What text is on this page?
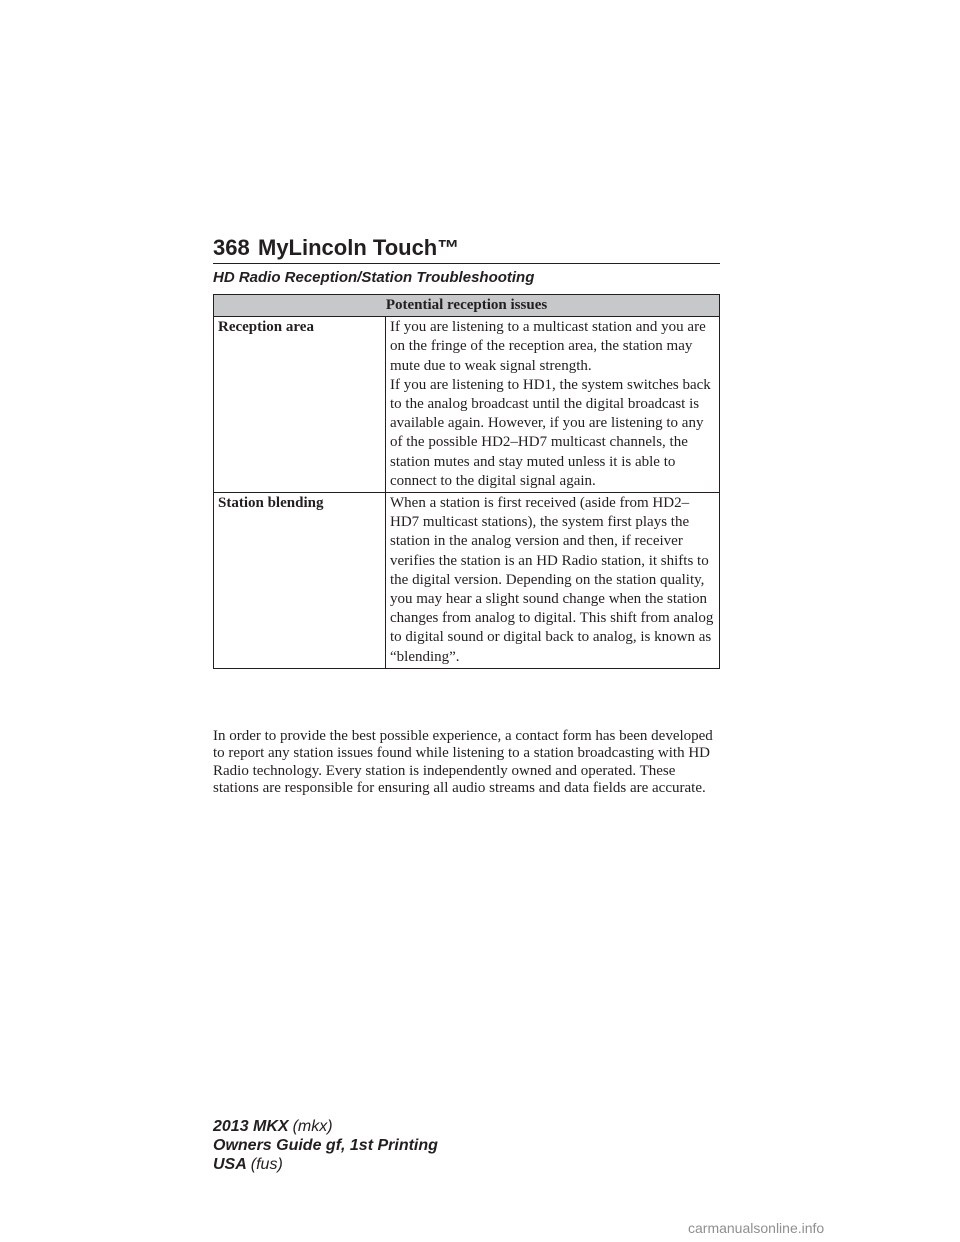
368 MyLincoln Touch™
HD Radio Reception/Station Troubleshooting
Potential reception issues	
Reception area	If you are listening to a multicast station and you are on the fringe of the reception area, the station may mute due to weak signal strength.

If you are listening to HD1, the system switches back to the analog broadcast until the digital broadcast is available again. However, if you are listening to any of the possible HD2–HD7 multicast channels, the station mutes and stay muted unless it is able to connect to the digital signal again.

Station blending	When a station is first received (aside from HD2–HD7 multicast stations), the system first plays the station in the analog version and then, if receiver verifies the station is an HD Radio station, it shifts to the digital version. Depending on the station quality, you may hear a slight sound change when the station changes from analog to digital. This shift from analog to digital sound or digital back to analog, is known as “blending”.

In order to provide the best possible experience, a contact form has been developed to report any station issues found while listening to a station broadcasting with HD Radio technology. Every station is independently owned and operated. These stations are responsible for ensuring all audio streams and data fields are accurate.

2013 MKX (mkx)
Owners Guide gf, 1st Printing
USA (fus)
carmanualsonline.info
